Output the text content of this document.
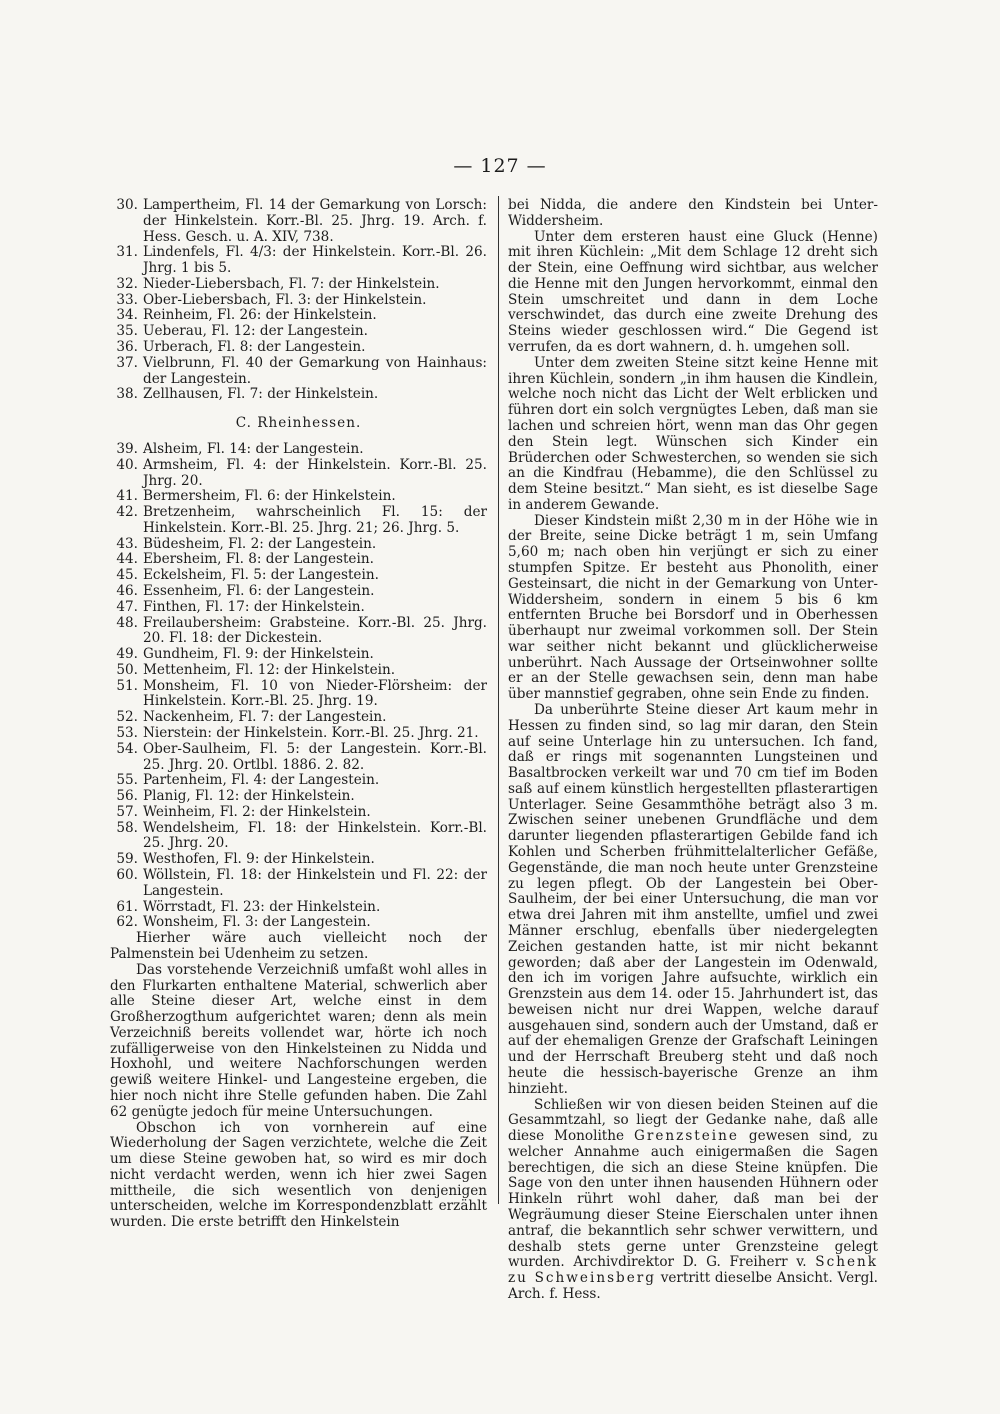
— 127 —
30. Lampertheim, Fl. 14 der Gemarkung von Lorsch: der Hinkelstein. Korr.-Bl. 25. Jhrg. 19. Arch. f. Hess. Gesch. u. A. XIV, 738.
31. Lindenfels, Fl. 4/3: der Hinkelstein. Korr.-Bl. 26. Jhrg. 1 bis 5.
32. Nieder-Liebersbach, Fl. 7: der Hinkelstein.
33. Ober-Liebersbach, Fl. 3: der Hinkelstein.
34. Reinheim, Fl. 26: der Hinkelstein.
35. Ueberau, Fl. 12: der Langestein.
36. Urberach, Fl. 8: der Langestein.
37. Vielbrunn, Fl. 40 der Gemarkung von Hainhaus: der Langestein.
38. Zellhausen, Fl. 7: der Hinkelstein.
C. Rheinhessen.
39. Alsheim, Fl. 14: der Langestein.
40. Armsheim, Fl. 4: der Hinkelstein. Korr.-Bl. 25. Jhrg. 20.
41. Bermersheim, Fl. 6: der Hinkelstein.
42. Bretzenheim, wahrscheinlich Fl. 15: der Hinkelstein. Korr.-Bl. 25. Jhrg. 21; 26. Jhrg. 5.
43. Büdesheim, Fl. 2: der Langestein.
44. Ebersheim, Fl. 8: der Langestein.
45. Eckelsheim, Fl. 5: der Langestein.
46. Essenheim, Fl. 6: der Langestein.
47. Finthen, Fl. 17: der Hinkelstein.
48. Freilaubersheim: Grabsteine. Korr.-Bl. 25. Jhrg. 20. Fl. 18: der Dickestein.
49. Gundheim, Fl. 9: der Hinkelstein.
50. Mettenheim, Fl. 12: der Hinkelstein.
51. Monsheim, Fl. 10 von Nieder-Flörsheim: der Hinkelstein. Korr.-Bl. 25. Jhrg. 19.
52. Nackenheim, Fl. 7: der Langestein.
53. Nierstein: der Hinkelstein. Korr.-Bl. 25. Jhrg. 21.
54. Ober-Saulheim, Fl. 5: der Langestein. Korr.-Bl. 25. Jhrg. 20. Ortlbl. 1886. 2. 82.
55. Partenheim, Fl. 4: der Langestein.
56. Planig, Fl. 12: der Hinkelstein.
57. Weinheim, Fl. 2: der Hinkelstein.
58. Wendelsheim, Fl. 18: der Hinkelstein. Korr.-Bl. 25. Jhrg. 20.
59. Westhofen, Fl. 9: der Hinkelstein.
60. Wöllstein, Fl. 18: der Hinkelstein und Fl. 22: der Langestein.
61. Wörrstadt, Fl. 23: der Hinkelstein.
62. Wonsheim, Fl. 3: der Langestein.
Hierher wäre auch vielleicht noch der Palmenstein bei Udenheim zu setzen.
Das vorstehende Verzeichniß umfaßt wohl alles in den Flurkarten enthaltene Material, schwerlich aber alle Steine dieser Art, welche einst in dem Großherzogthum aufgerichtet waren; denn als mein Verzeichniß bereits vollendet war, hörte ich noch zufälligerweise von den Hinkelsteinen zu Nidda und Hoxhohl, und weitere Nachforschungen werden gewiß weitere Hinkel- und Langesteine ergeben, die hier noch nicht ihre Stelle gefunden haben. Die Zahl 62 genügte jedoch für meine Untersuchungen.
Obschon ich von vornherein auf eine Wiederholung der Sagen verzichtete, welche die Zeit um diese Steine gewoben hat, so wird es mir doch nicht verdacht werden, wenn ich hier zwei Sagen mittheile, die sich wesentlich von denjenigen unterscheiden, welche im Korrespondenzblatt erzählt wurden. Die erste betrifft den Hinkelstein
bei Nidda, die andere den Kindstein bei Unter-Widdersheim.
Unter dem ersteren haust eine Gluck (Henne) mit ihren Küchlein: „Mit dem Schlage 12 dreht sich der Stein, eine Oeffnung wird sichtbar, aus welcher die Henne mit den Jungen hervorkommt, einmal den Stein umschreitet und dann in dem Loche verschwindet, das durch eine zweite Drehung des Steins wieder geschlossen wird.“ Die Gegend ist verrufen, da es dort wahnern, d. h. umgehen soll.
Unter dem zweiten Steine sitzt keine Henne mit ihren Küchlein, sondern „in ihm hausen die Kindlein, welche noch nicht das Licht der Welt erblicken und führen dort ein solch vergnügtes Leben, daß man sie lachen und schreien hört, wenn man das Ohr gegen den Stein legt. Wünschen sich Kinder ein Brüderchen oder Schwesterchen, so wenden sie sich an die Kindfrau (Hebamme), die den Schlüssel zu dem Steine besitzt.“ Man sieht, es ist dieselbe Sage in anderem Gewande.
Dieser Kindstein mißt 2,30 m in der Höhe wie in der Breite, seine Dicke beträgt 1 m, sein Umfang 5,60 m; nach oben hin verjüngt er sich zu einer stumpfen Spitze. Er besteht aus Phonolith, einer Gesteinsart, die nicht in der Gemarkung von Unter-Widdersheim, sondern in einem 5 bis 6 km entfernten Bruche bei Borsdorf und in Oberhessen überhaupt nur zweimal vorkommen soll. Der Stein war seither nicht bekannt und glücklicherweise unberührt. Nach Aussage der Ortseinwohner sollte er an der Stelle gewachsen sein, denn man habe über mannstief gegraben, ohne sein Ende zu finden.
Da unberührte Steine dieser Art kaum mehr in Hessen zu finden sind, so lag mir daran, den Stein auf seine Unterlage hin zu untersuchen. Ich fand, daß er rings mit sogenannten Lungsteinen und Basaltbrocken verkeilt war und 70 cm tief im Boden saß auf einem künstlich hergestellten pflasterartigen Unterlager. Seine Gesammthöhe beträgt also 3 m. Zwischen seiner unebenen Grundfläche und dem darunter liegenden pflasterartigen Gebilde fand ich Kohlen und Scherben frühmittelalterlicher Gefäße, Gegenstände, die man noch heute unter Grenzsteine zu legen pflegt. Ob der Langestein bei Ober-Saulheim, der bei einer Untersuchung, die man vor etwa drei Jahren mit ihm anstellte, umfiel und zwei Männer erschlug, ebenfalls über niedergelegten Zeichen gestanden hatte, ist mir nicht bekannt geworden; daß aber der Langestein im Odenwald, den ich im vorigen Jahre aufsuchte, wirklich ein Grenzstein aus dem 14. oder 15. Jahrhundert ist, das beweisen nicht nur drei Wappen, welche darauf ausgehauen sind, sondern auch der Umstand, daß er auf der ehemaligen Grenze der Grafschaft Leiningen und der Herrschaft Breuberg steht und daß noch heute die hessisch-bayerische Grenze an ihm hinzieht.
Schließen wir von diesen beiden Steinen auf die Gesammtzahl, so liegt der Gedanke nahe, daß alle diese Monolithe Grenzsteine gewesen sind, zu welcher Annahme auch einigermaßen die Sagen berechtigen, die sich an diese Steine knüpfen. Die Sage von den unter ihnen hausenden Hühnern oder Hinkeln rührt wohl daher, daß man bei der Wegräumung dieser Steine Eierschalen unter ihnen antraf, die bekanntlich sehr schwer verwittern, und deshalb stets gerne unter Grenzsteine gelegt wurden. Archivdirektor D. G. Freiherr v. Schenk zu Schweinsberg vertritt dieselbe Ansicht. Vergl. Arch. f. Hess.
